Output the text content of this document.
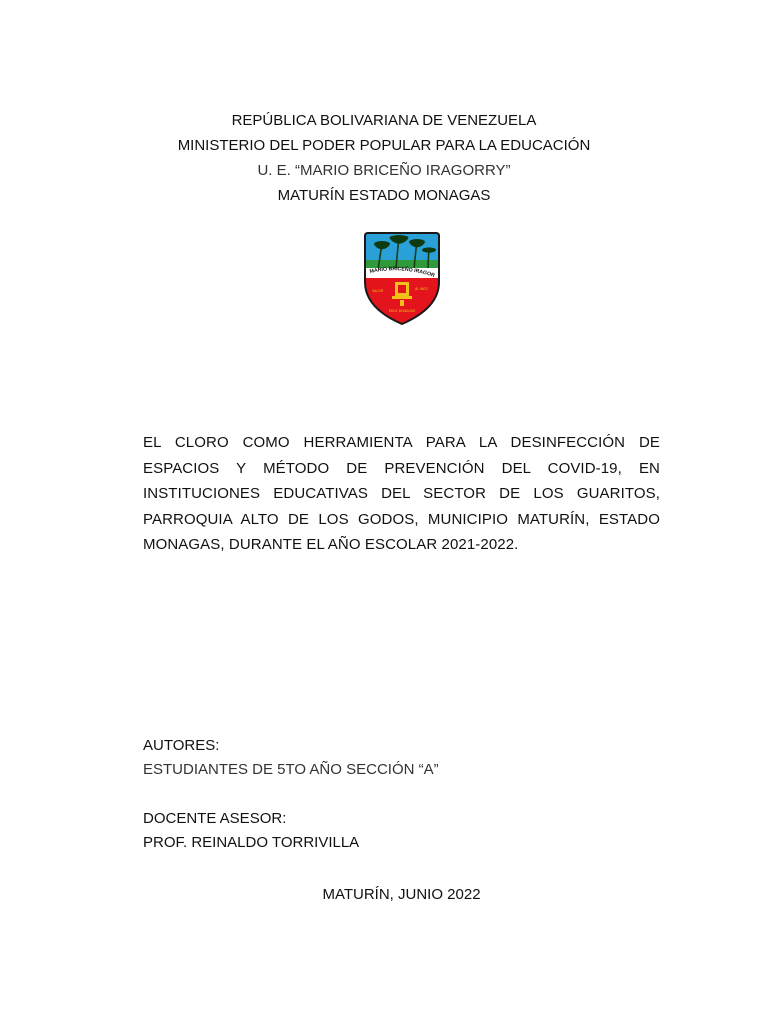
REPÚBLICA BOLIVARIANA DE VENEZUELA
MINISTERIO DEL PODER POPULAR PARA LA EDUCACIÓN
U. E. “MARIO BRICEÑO IRAGORRY”
MATURÍN ESTADO MONAGAS
MARIO BRICEÑO IRAGOR
VALOR	AL INEZ
EDUC MONAGAS
EL CLORO COMO HERRAMIENTA PARA LA DESINFECCIÓN DE ESPACIOS Y MÉTODO DE PREVENCIÓN DEL COVID-19, EN INSTITUCIONES EDUCATIVAS DEL SECTOR DE LOS GUARITOS, PARROQUIA ALTO DE LOS GODOS, MUNICIPIO MATURÍN, ESTADO MONAGAS, DURANTE EL AÑO ESCOLAR 2021-2022.
AUTORES:
ESTUDIANTES DE 5TO AÑO SECCIÓN “A”
DOCENTE ASESOR:
PROF. REINALDO TORRIVILLA
MATURÍN, JUNIO 2022
